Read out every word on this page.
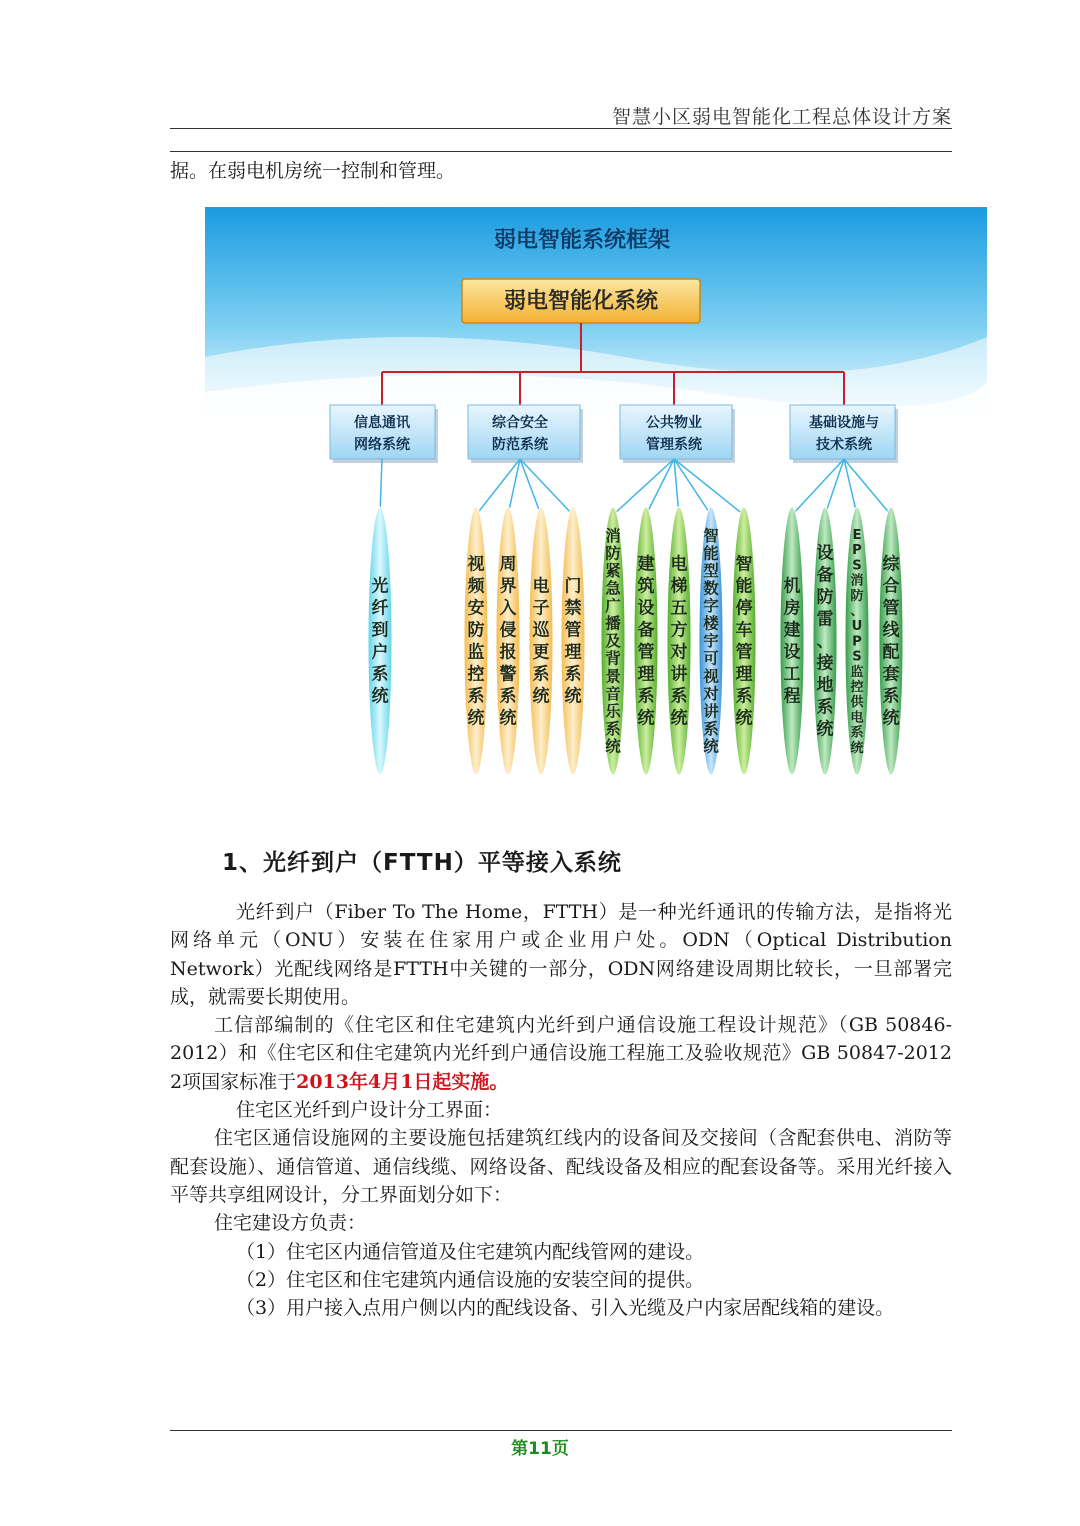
智慧小区弱电智能化工程总体设计方案
据。在弱电机房统一控制和管理。
弱电智能系统框架
弱电智能化系统
信息通讯
网络系统
综合安全
防范系统
公共物业
管理系统
基础设施与
技术系统
光纤到户系统
视频安防监控系统
周界入侵报警系统
电子巡更系统
门禁管理系统
消防紧急广播及背景音乐系统
建筑设备管理系统
电梯五方对讲系统
智能型数字楼宇可视对讲系统
智能停车管理系统
机房建设工程
设备防雷、接地系统
E P S 消防、 U P S 监控供电系统
综合管线配套系统
1、光纤到户（FTTH）平等接入系统

光纤到户（Fiber To The Home，FTTH）是一种光纤通讯的传输方法，是指将光网络单元（ONU）安装在住家用户或企业用户处。ODN（Optical Distribution Network）光配线网络是FTTH中关键的一部分，ODN网络建设周期比较长，一旦部署完成，就需要长期使用。

工信部编制的《住宅区和住宅建筑内光纤到户通信设施工程设计规范》（GB 50846-2012）和《住宅区和住宅建筑内光纤到户通信设施工程施工及验收规范》GB 50847-2012 2项国家标准于2013年4月1日起实施。

住宅区光纤到户设计分工界面：

住宅区通信设施网的主要设施包括建筑红线内的设备间及交接间（含配套供电、消防等配套设施）、通信管道、通信线缆、网络设备、配线设备及相应的配套设备等。采用光纤接入平等共享组网设计，分工界面划分如下：

住宅建设方负责：

（1）住宅区内通信管道及住宅建筑内配线管网的建设。

（2）住宅区和住宅建筑内通信设施的安装空间的提供。

（3）用户接入点用户侧以内的配线设备、引入光缆及户内家居配线箱的建设。

第11页
